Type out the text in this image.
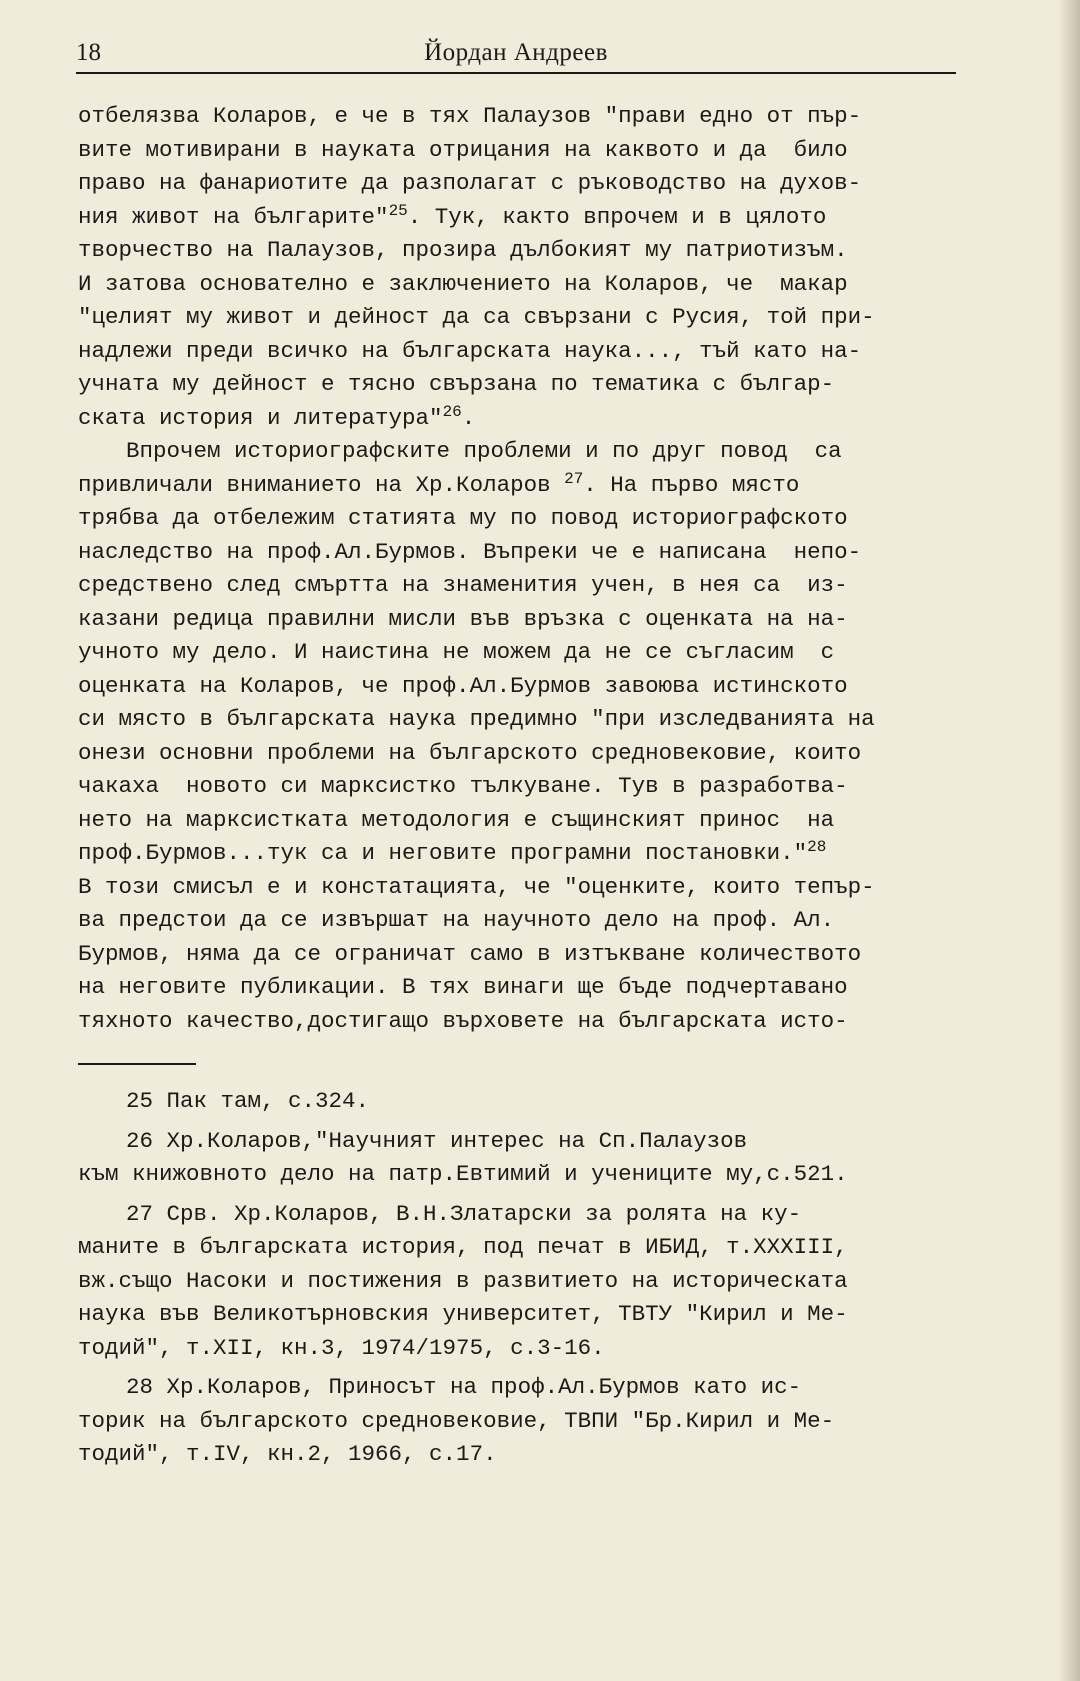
18	Йордан Андреев
отбелязва Коларов, е че в тях Палаузов "прави едно от пър-
вите мотивирани в науката отрицания на каквото и да  било
право на фанариотите да разполагат с ръководство на духов-
ния живот на българите"$^{25}$. Тук, както впрочем и в цялото
творчество на Палаузов, прозира дълбокият му патриотизъм.
И затова основателно е заключението на Коларов, че  макар
"целият му живот и дейност да са свързани с Русия, той при-
надлежи преди всичко на българската наука..., тъй като на-
учната му дейност е тясно свързана по тематика с българ-
ската история и литература"$^{26}$.
Впрочем историографските проблеми и по друг повод  са
привличали вниманието на Хр.Коларов $^{27}$. На първо място
трябва да отбележим статията му по повод историографското
наследство на проф.Ал.Бурмов. Въпреки че е написана  непо-
средствено след смъртта на знаменития учен, в нея са  из-
казани редица правилни мисли във връзка с оценката на на-
учното му дело. И наистина не можем да не се съгласим  с
оценката на Коларов, че проф.Ал.Бурмов завоюва истинското
си място в българската наука предимно "при изследванията на
онези основни проблеми на българското средновековие, които
чакаха  новото си марксистко тълкуване. Тув в разработва-
нето на марксистката методология е същинският принос  на
проф.Бурмов...тук са и неговите програмни постановки."$^{28}$
В този смисъл е и констатацията, че "оценките, които тепър-
ва предстои да се извършат на научното дело на проф. Ал.
Бурмов, няма да се ограничат само в изтъкване количеството
на неговите публикации. В тях винаги ще бъде подчертавано
тяхното качество,достигащо върховете на българската исто-
25 Пак там, с.324.
26 Хр.Коларов,"Научният интерес на Сп.Палаузов
към книжовното дело на патр.Евтимий и учениците му,с.521.
27 Срв. Хр.Коларов, В.Н.Златарски за ролята на ку-
маните в българската история, под печат в ИБИД, т.XXXIII,
вж.също Насоки и постижения в развитието на историческата
наука във Великотърновския университет, ТВТУ "Кирил и Ме-
тодий", т.XII, кн.3, 1974/1975, с.3-16.
28 Хр.Коларов, Приносът на проф.Ал.Бурмов като ис-
торик на българското средновековие, ТВПИ "Бр.Кирил и Ме-
тодий", т.IV, кн.2, 1966, с.17.
